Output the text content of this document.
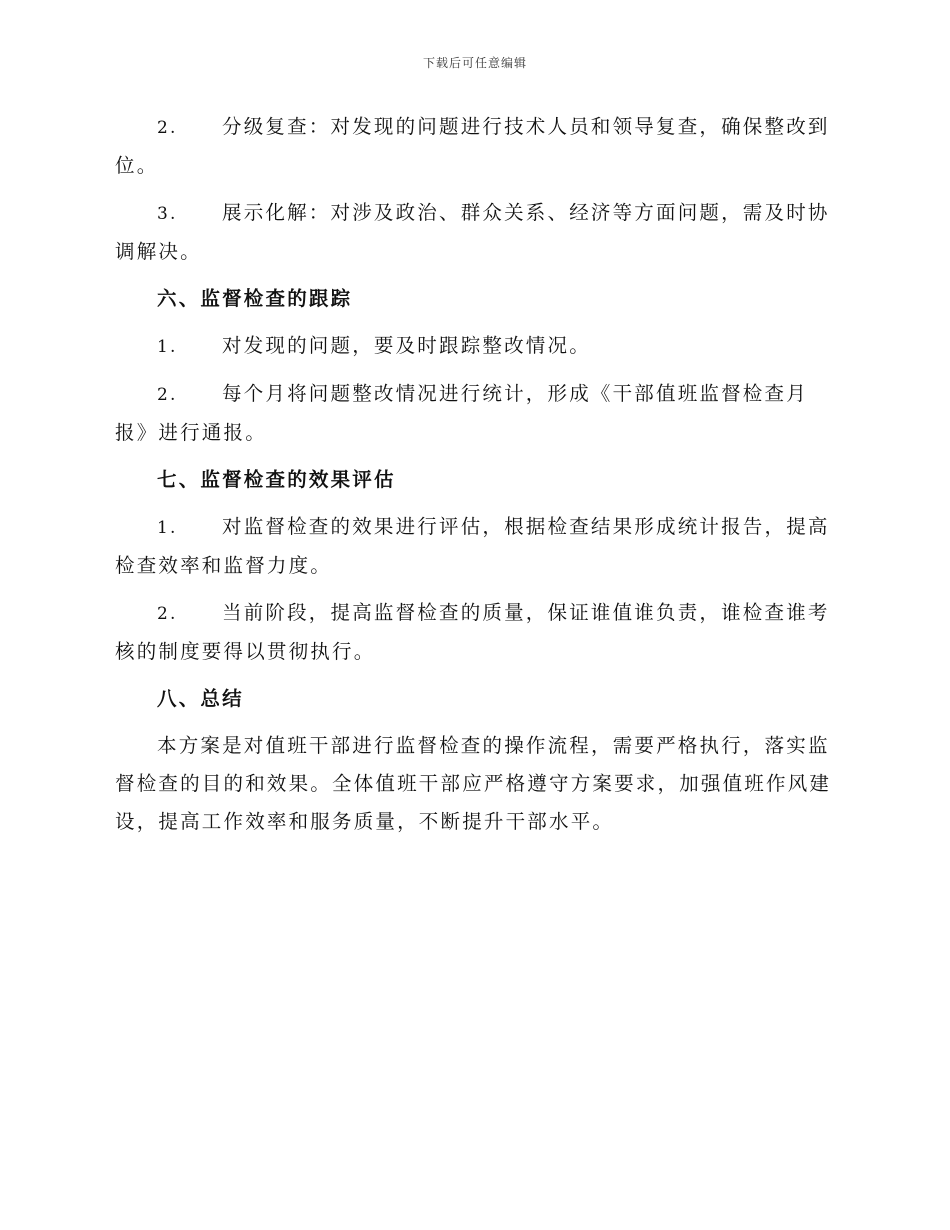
下载后可任意编辑

2. 分级复查：对发现的问题进行技术人员和领导复查，确保整改到位。

3. 展示化解：对涉及政治、群众关系、经济等方面问题，需及时协调解决。

六、监督检查的跟踪

1. 对发现的问题，要及时跟踪整改情况。

2. 每个月将问题整改情况进行统计，形成《干部值班监督检查月报》进行通报。

七、监督检查的效果评估

1. 对监督检查的效果进行评估，根据检查结果形成统计报告，提高检查效率和监督力度。

2. 当前阶段，提高监督检查的质量，保证谁值谁负责，谁检查谁考核的制度要得以贯彻执行。

八、总结

本方案是对值班干部进行监督检查的操作流程，需要严格执行，落实监督检查的目的和效果。全体值班干部应严格遵守方案要求，加强值班作风建设，提高工作效率和服务质量，不断提升干部水平。
